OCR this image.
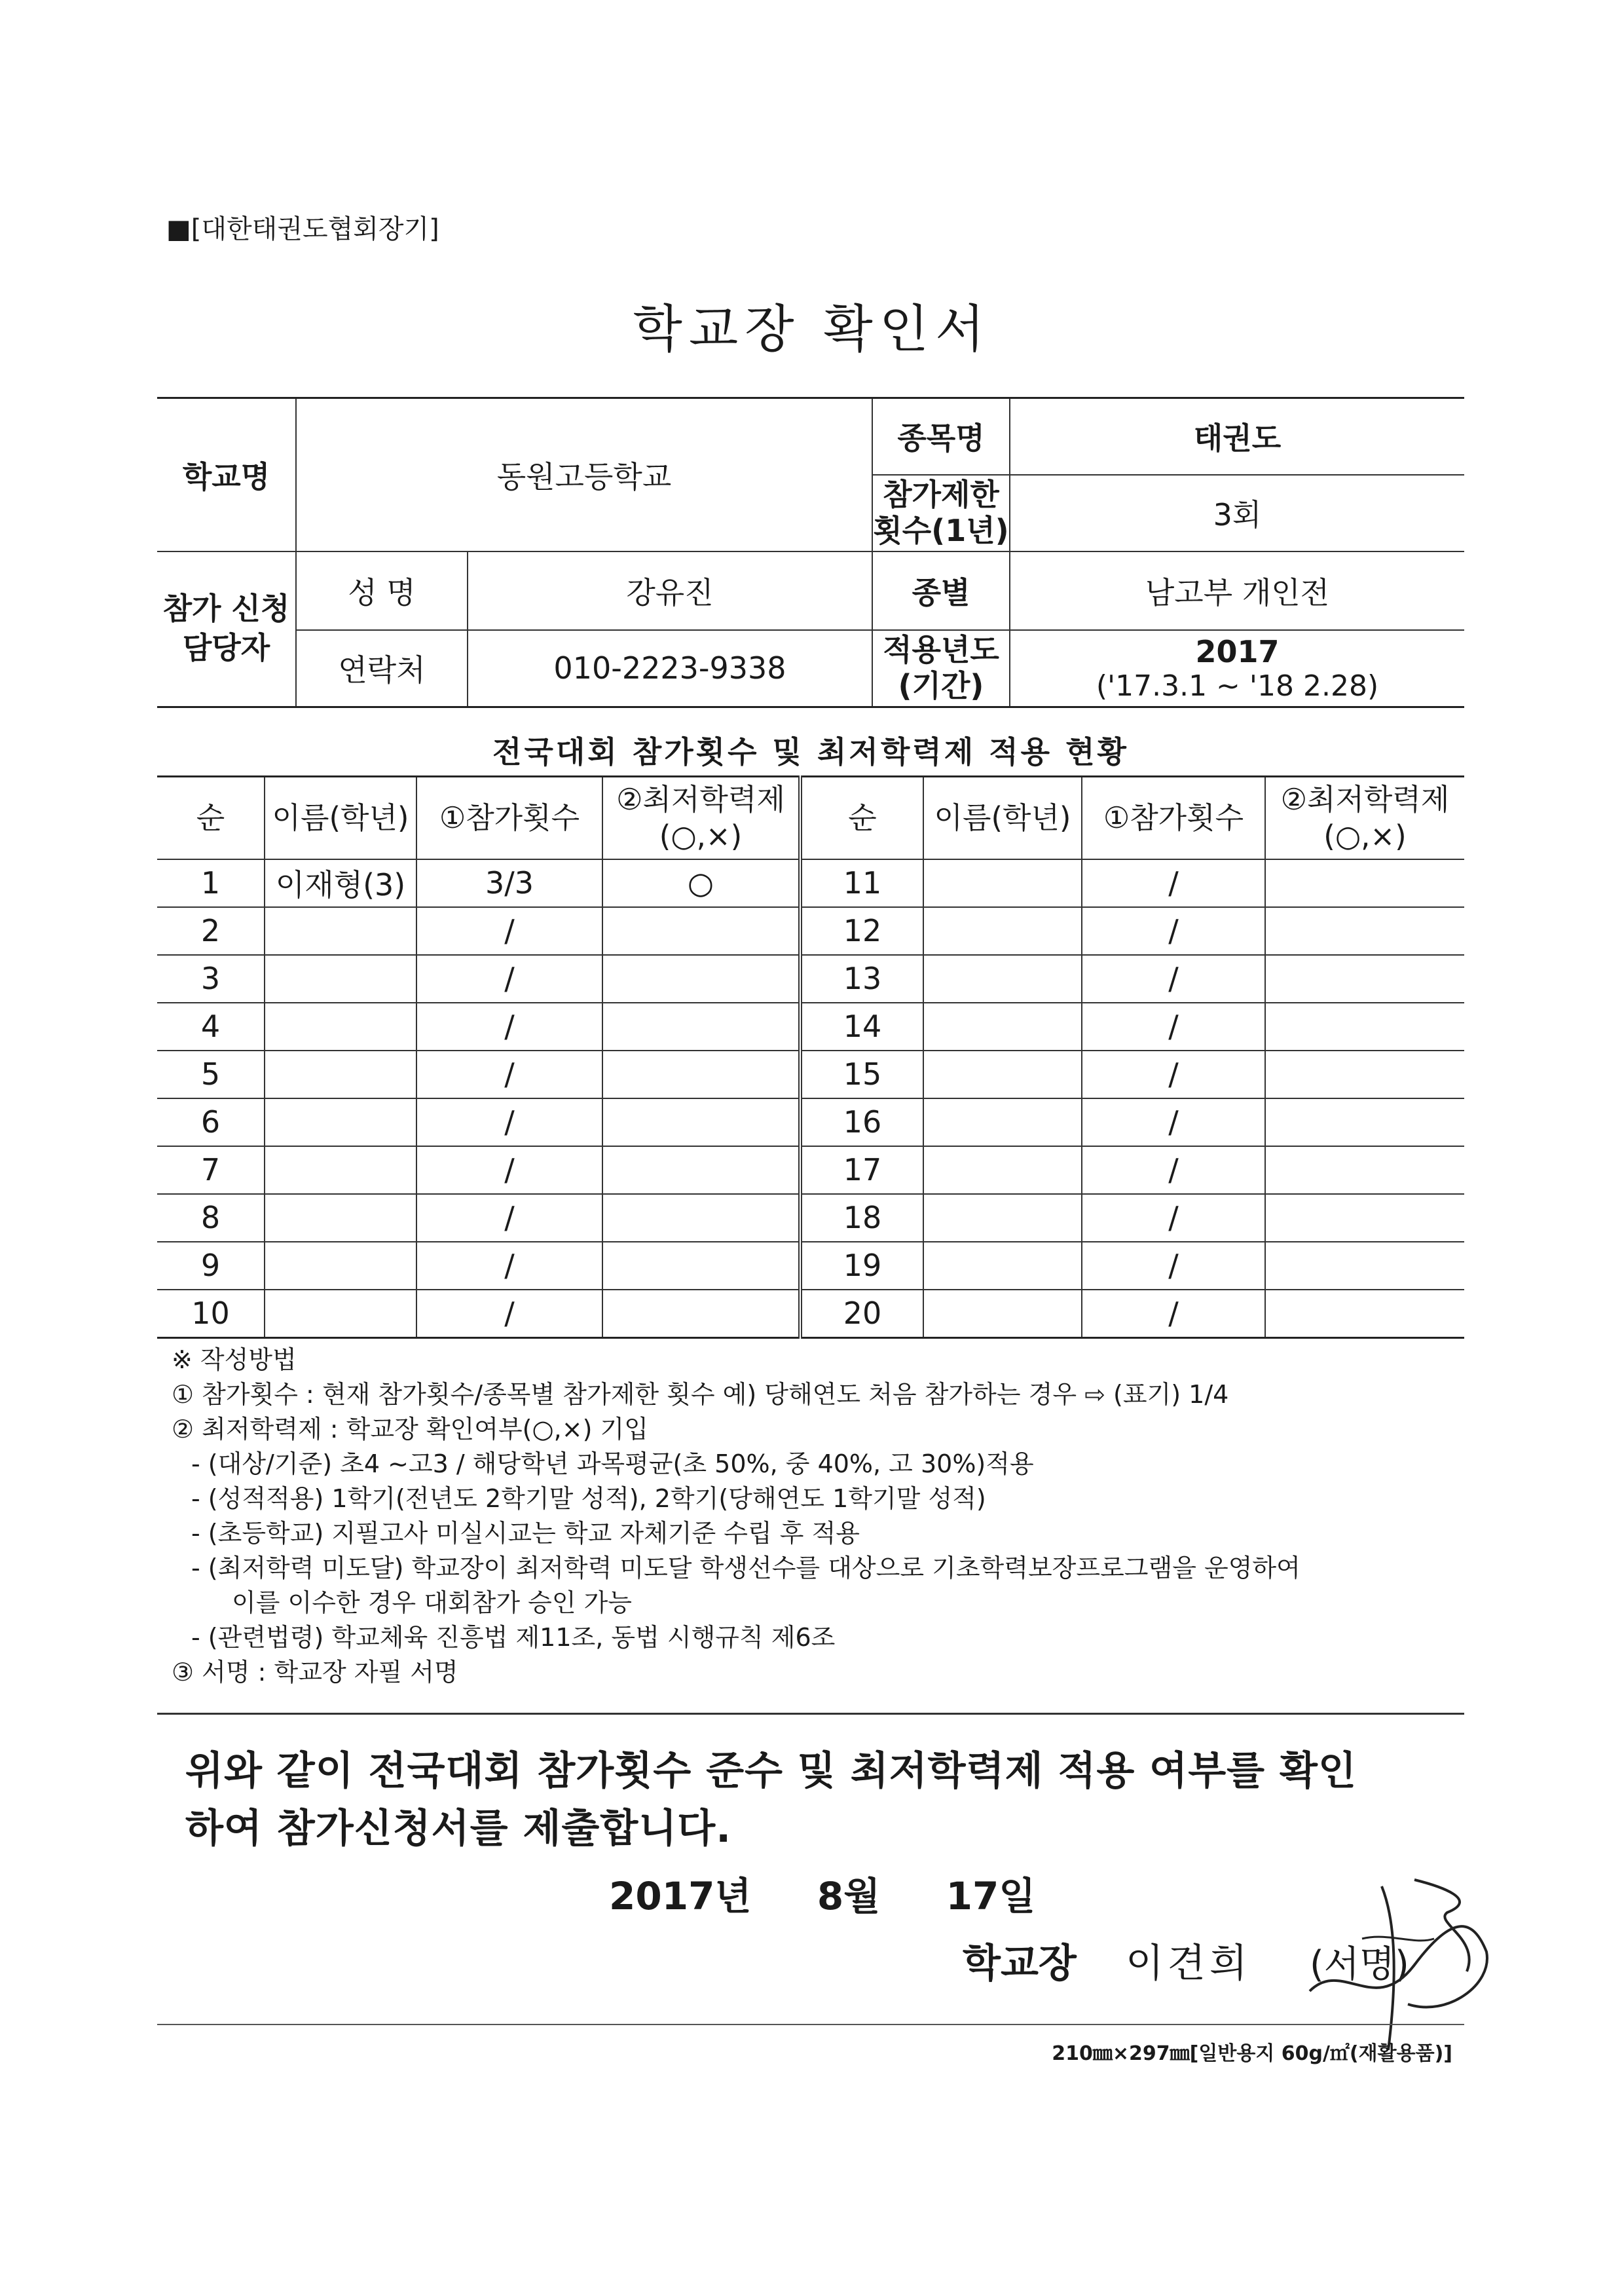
■[대한태권도협회장기]
학교장 확인서
학교명	동원고등학교		종목명	태권도
			참가제한 횟수(1년)	3회
참가 신청 담당자	성 명	강유진	종별	남고부 개인전
	연락처	010-2223-9338	적용년도 (기간)	2017
('17.3.1 ~ '18 2.28)
전국대회 참가횟수 및 최저학력제 적용 현황
순	이름(학년)	①참가횟수	②최저학력제 (○,×)	순	이름(학년)	①참가횟수	②최저학력제 (○,×)
1	이재형(3)	3/3	○	11		/	
2		/		12		/	
3		/		13		/	
4		/		14		/	
5		/		15		/	
6		/		16		/	
7		/		17		/	
8		/		18		/	
9		/		19		/	
10		/		20		/	

※ 작성방법

① 참가횟수 : 현재 참가횟수/종목별 참가제한 횟수 예) 당해연도 처음 참가하는 경우 ⇨ (표기) 1/4

② 최저학력제 : 학교장 확인여부(○,×) 기입

- (대상/기준) 초4 ~고3 / 해당학년 과목평균(초 50%, 중 40%, 고 30%)적용

- (성적적용) 1학기(전년도 2학기말 성적), 2학기(당해연도 1학기말 성적)

- (초등학교) 지필고사 미실시교는 학교 자체기준 수립 후 적용

- (최저학력 미도달) 학교장이 최저학력 미도달 학생선수를 대상으로 기초학력보장프로그램을 운영하여

이를 이수한 경우 대회참가 승인 가능

- (관련법령) 학교체육 진흥법 제11조, 동법 시행규칙 제6조

③ 서명 : 학교장 자필 서명

위와 같이 전국대회 참가횟수 준수 및 최저학력제 적용 여부를 확인

하여 참가신청서를 제출합니다.

2017년 8월 17일
학교장 이견희 (서명)
210㎜×297㎜[일반용지 60g/㎡(재활용품)]
